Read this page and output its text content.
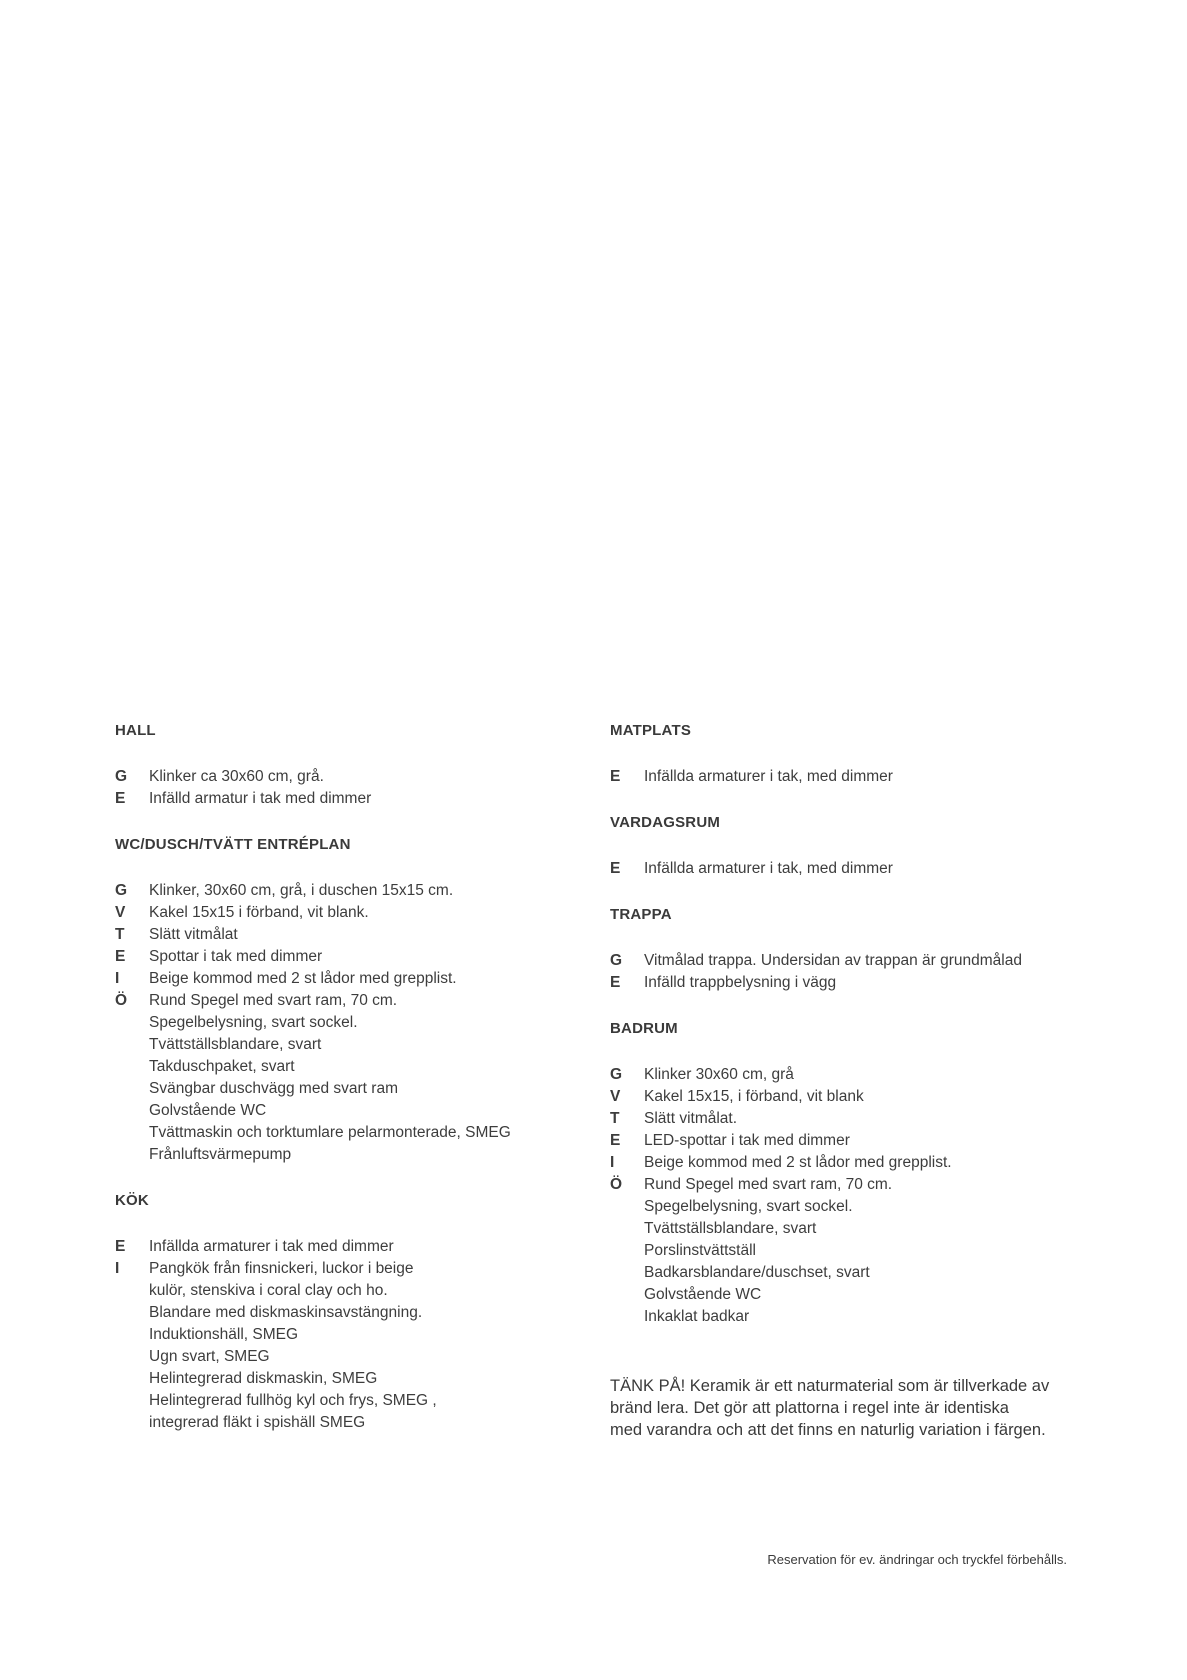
HALL
G	Klinker ca 30x60 cm, grå.
E	Infälld armatur i tak med dimmer
WC/DUSCH/TVÄTT ENTRÉPLAN
G	Klinker, 30x60 cm, grå, i duschen 15x15 cm.
V	Kakel 15x15 i förband, vit blank.
T	Slätt vitmålat
E	Spottar i tak med dimmer
I	Beige kommod med 2 st lådor med grepplist.
Ö	Rund Spegel med svart ram, 70 cm.
Spegelbelysning, svart sockel.
Tvättställsblandare, svart
Takduschpaket, svart
Svängbar duschvägg med svart ram
Golvstående WC
Tvättmaskin och torktumlare pelarmonterade, SMEG
Frånluftsvärmepump
KÖK
E	Infällda armaturer i tak med dimmer
I	Pangkök från finsnickeri, luckor i beige
kulör, stenskiva i coral clay och ho.
Blandare med diskmaskinsavstängning.
Induktionshäll, SMEG
Ugn svart, SMEG
Helintegrerad diskmaskin, SMEG
Helintegrerad fullhög kyl och frys, SMEG ,
integrerad fläkt i spishäll SMEG
MATPLATS
E	Infällda armaturer i tak, med dimmer
VARDAGSRUM
E	Infällda armaturer i tak, med dimmer
TRAPPA
G	Vitmålad trappa. Undersidan av trappan är grundmålad
E	Infälld trappbelysning i vägg
BADRUM
G	Klinker 30x60 cm, grå
V	Kakel 15x15, i förband, vit blank
T	Slätt vitmålat.
E	LED-spottar i tak med dimmer
I	Beige kommod med 2 st lådor med grepplist.
Ö	Rund Spegel med svart ram, 70 cm.
Spegelbelysning, svart sockel.
Tvättställsblandare, svart
Porslinstvättställ
Badkarsblandare/duschset, svart
Golvstående WC
Inkaklat badkar
TÄNK PÅ! Keramik är ett naturmaterial som är tillverkade av
bränd lera. Det gör att plattorna i regel inte är identiska
med varandra och att det finns en naturlig variation i färgen.
Reservation för ev. ändringar och tryckfel förbehålls.
